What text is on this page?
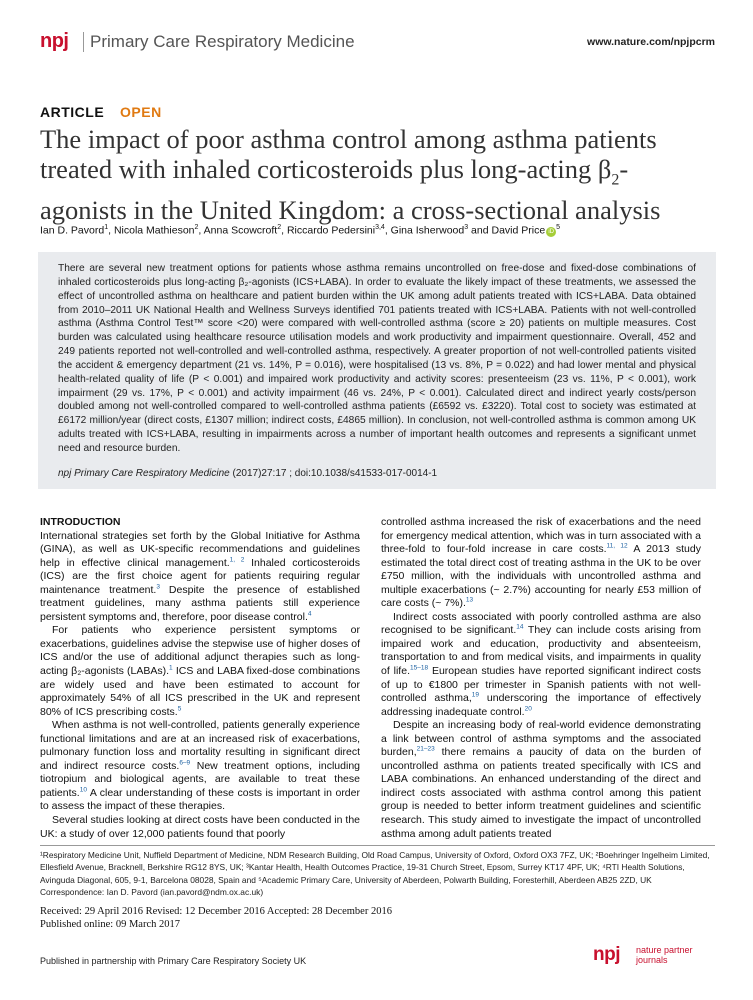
npj Primary Care Respiratory Medicine	www.nature.com/npjpcrm
ARTICLE OPEN
The impact of poor asthma control among asthma patients
treated with inhaled corticosteroids plus long-acting $\beta_2-$
agonists in the United Kingdom: a cross-sectional analysis
Ian D. Pavord$^1$, Nicola Mathieson$^2$, Anna Scowcroft$^2$, Riccardo Pedersini$^{3,4}$, Gina Isherwood$^3$ and David Price $iD^5$

There are several new treatment options for patients whose asthma remains uncontrolled on free-dose and fixed-dose combinations of inhaled corticosteroids plus long-acting β₂-agonists (ICS+LABA). In order to evaluate the likely impact of these treatments, we assessed the effect of uncontrolled asthma on healthcare and patient burden within the UK among adult patients treated with ICS+LABA. Data obtained from 2010–2011 UK National Health and Wellness Surveys identified 701 patients treated with ICS+LABA. Patients with not well-controlled asthma (Asthma Control Test™ score <20) were compared with well-controlled asthma (score ≥ 20) patients on multiple measures. Cost burden was calculated using healthcare resource utilisation models and work productivity and impairment questionnaire. Overall, 452 and 249 patients reported not well-controlled and well-controlled asthma, respectively. A greater proportion of not well-controlled patients visited the accident & emergency department (21 vs. 14%, P = 0.016), were hospitalised (13 vs. 8%, P = 0.022) and had lower mental and physical health-related quality of life (P < 0.001) and impaired work productivity and activity scores: presenteeism (23 vs. 11%, P < 0.001), work impairment (29 vs. 17%, P < 0.001) and activity impairment (46 vs. 24%, P < 0.001). Calculated direct and indirect yearly costs/person doubled among not well-controlled compared to well-controlled asthma patients (£6592 vs. £3220). Total cost to society was estimated at £6172 million/year (direct costs, £1307 million; indirect costs, £4865 million). In conclusion, not well-controlled asthma is common among UK adults treated with ICS+LABA, resulting in impairments across a number of important health outcomes and represents a significant unmet need and resource burden.

npj Primary Care Respiratory Medicine (2017)27:17 ; doi:10.1038/s41533-017-0014-1
INTRODUCTION

International strategies set forth by the Global Initiative for Asthma (GINA), as well as UK-specific recommendations and guidelines help in effective clinical management.$^{1, 2}$ Inhaled corticosteroids (ICS) are the first choice agent for patients requiring regular maintenance treatment.$^3$ Despite the presence of established treatment guidelines, many asthma patients still experience persistent symptoms and, therefore, poor disease control.$^4$

For patients who experience persistent symptoms or exacerbations, guidelines advise the stepwise use of higher doses of ICS and/or the use of additional adjunct therapies such as long-acting β₂-agonists (LABAs).$^1$ ICS and LABA fixed-dose combinations are widely used and have been estimated to account for approximately 54% of all ICS prescribed in the UK and represent 80% of ICS prescribing costs.$^5$

When asthma is not well-controlled, patients generally experience functional limitations and are at an increased risk of exacerbations, pulmonary function loss and mortality resulting in significant direct and indirect resource costs.$^{6-9}$ New treatment options, including tiotropium and biological agents, are available to treat these patients.$^{10}$ A clear understanding of these costs is important in order to assess the impact of these therapies.

Several studies looking at direct costs have been conducted in the UK: a study of over 12,000 patients found that poorly

controlled asthma increased the risk of exacerbations and the need for emergency medical attention, which was in turn associated with a three-fold to four-fold increase in care costs.$^{11, 12}$ A 2013 study estimated the total direct cost of treating asthma in the UK to be over £750 million, with the individuals with uncontrolled asthma and multiple exacerbations (~ 2.7%) accounting for nearly £53 million of care costs (~ 7%).$^{13}$

Indirect costs associated with poorly controlled asthma are also recognised to be significant.$^{14}$ They can include costs arising from impaired work and education, productivity and absenteeism, transportation to and from medical visits, and impairments in quality of life.$^{15-18}$ European studies have reported significant indirect costs of up to €1800 per trimester in Spanish patients with not well-controlled asthma,$^{19}$ underscoring the importance of effectively addressing inadequate control.$^{20}$

Despite an increasing body of real-world evidence demonstrating a link between control of asthma symptoms and the associated burden,$^{21-23}$ there remains a paucity of data on the burden of uncontrolled asthma on patients treated specifically with ICS and LABA combinations. An enhanced understanding of the direct and indirect costs associated with asthma control among this patient group is needed to better inform treatment guidelines and scientific research. This study aimed to investigate the impact of uncontrolled asthma among adult patients treated

¹Respiratory Medicine Unit, Nuffield Department of Medicine, NDM Research Building, Old Road Campus, University of Oxford, Oxford OX3 7FZ, UK; ²Boehringer Ingelheim Limited, Ellesfield Avenue, Bracknell, Berkshire RG12 8YS, UK; ³Kantar Health, Health Outcomes Practice, 19-31 Church Street, Epsom, Surrey KT17 4PF, UK; ⁴RTI Health Solutions, Avinguda Diagonal, 605, 9-1, Barcelona 08028, Spain and ⁵Academic Primary Care, University of Aberdeen, Polwarth Building, Foresterhill, Aberdeen AB25 2ZD, UK
Correspondence: Ian D. Pavord (ian.pavord@ndm.ox.ac.uk)
Received: 29 April 2016 Revised: 12 December 2016 Accepted: 28 December 2016
Published online: 09 March 2017
Published in partnership with Primary Care Respiratory Society UK	npj nature partner
journals
